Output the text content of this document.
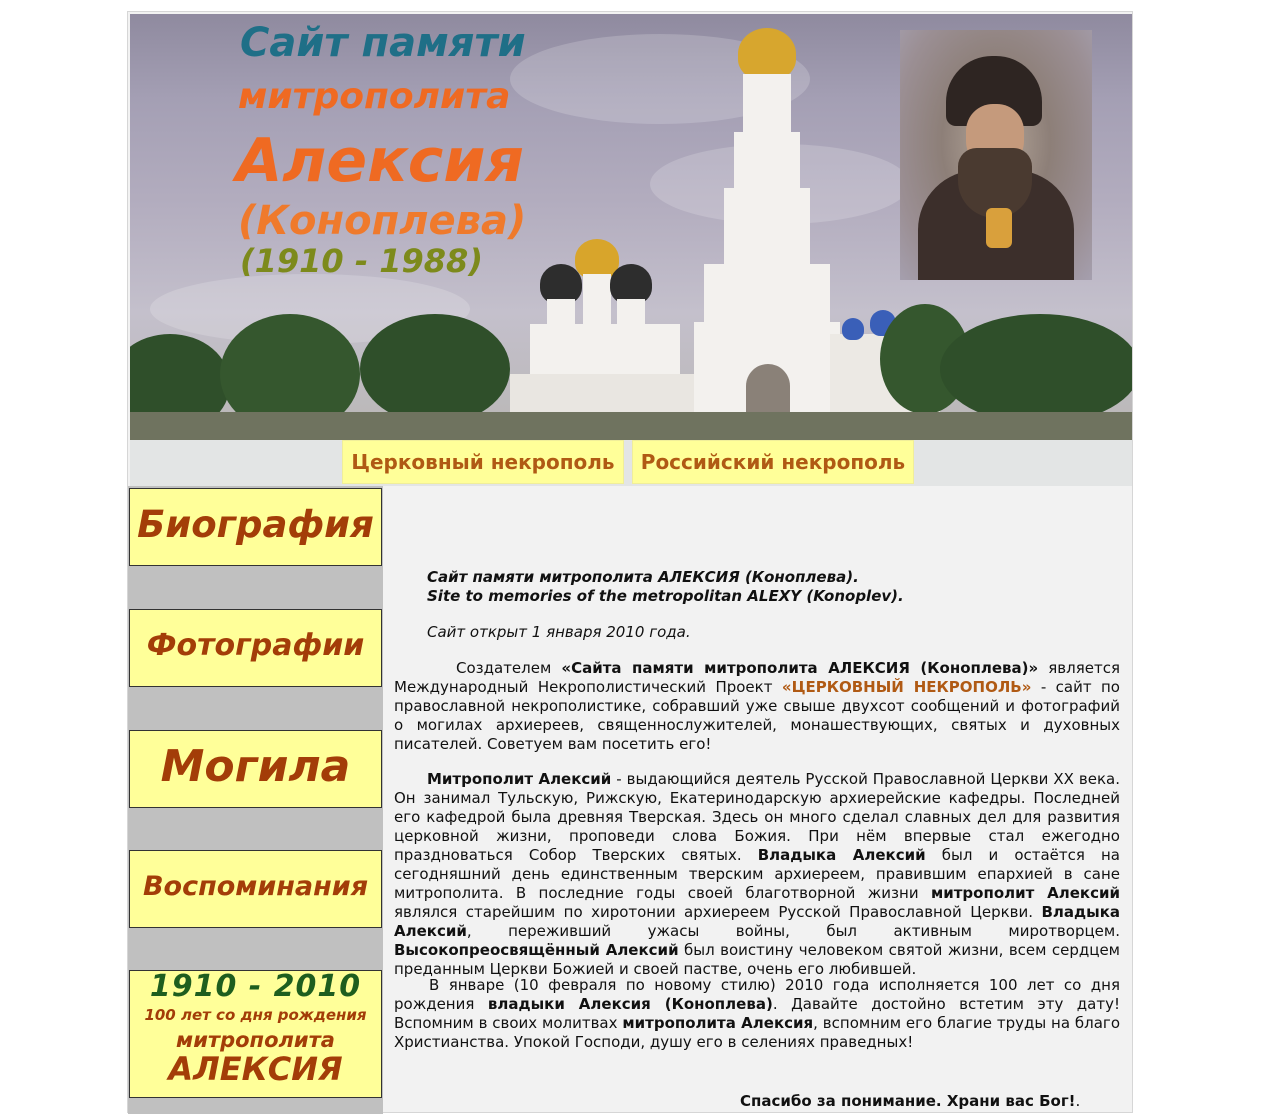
Сайт памяти
митрополита
Алексия
(Коноплева)
(1910 - 1988)
Церковный некрополь	Российский некрополь
Биография
Фотографии
Могила
Воспоминания
1910 - 2010
100 лет со дня рождения
митрополита
АЛЕКСИЯ
Сайт памяти митрополита АЛЕКСИЯ (Коноплева).
Site to memories of the metropolitan ALEXY (Konoplev).
Сайт открыт 1 января 2010 года.
Создателем «Сайта памяти митрополита АЛЕКСИЯ (Коноплева)» является Международный Некрополистический Проект «ЦЕРКОВНЫЙ НЕКРОПОЛЬ» - сайт по православной некрополистике, собравший уже свыше двухсот сообщений и фотографий о могилах архиереев, священнослужителей, монашествующих, святых и духовных писателей. Советуем вам посетить его!
Митрополит Алексий - выдающийся деятель Русской Православной Церкви XX века. Он занимал Тульскую, Рижскую, Екатеринодарскую архиерейские кафедры. Последней его кафедрой была древняя Тверская. Здесь он много сделал славных дел для развития церковной жизни, проповеди слова Божия. При нём впервые стал ежегодно праздноваться Собор Тверских святых. Владыка Алексий был и остаётся на сегодняшний день единственным тверским архиереем, правившим епархией в сане митрополита. В последние годы своей благотворной жизни митрополит Алексий являлся старейшим по хиротонии архиереем Русской Православной Церкви. Владыка Алексий, переживший ужасы войны, был активным миротворцем. Высокопреосвящённый Алексий был воистину человеком святой жизни, всем сердцем преданным Церкви Божией и своей пастве, очень его любившей.
В январе (10 февраля по новому стилю) 2010 года исполняется 100 лет со дня рождения владыки Алексия (Коноплева). Давайте достойно встетим эту дату! Вспомним в своих молитвах митрополита Алексия, вспомним его благие труды на благо Христианства. Упокой Господи, душу его в селениях праведных!
Спасибо за понимание. Храни вас Бог!.
